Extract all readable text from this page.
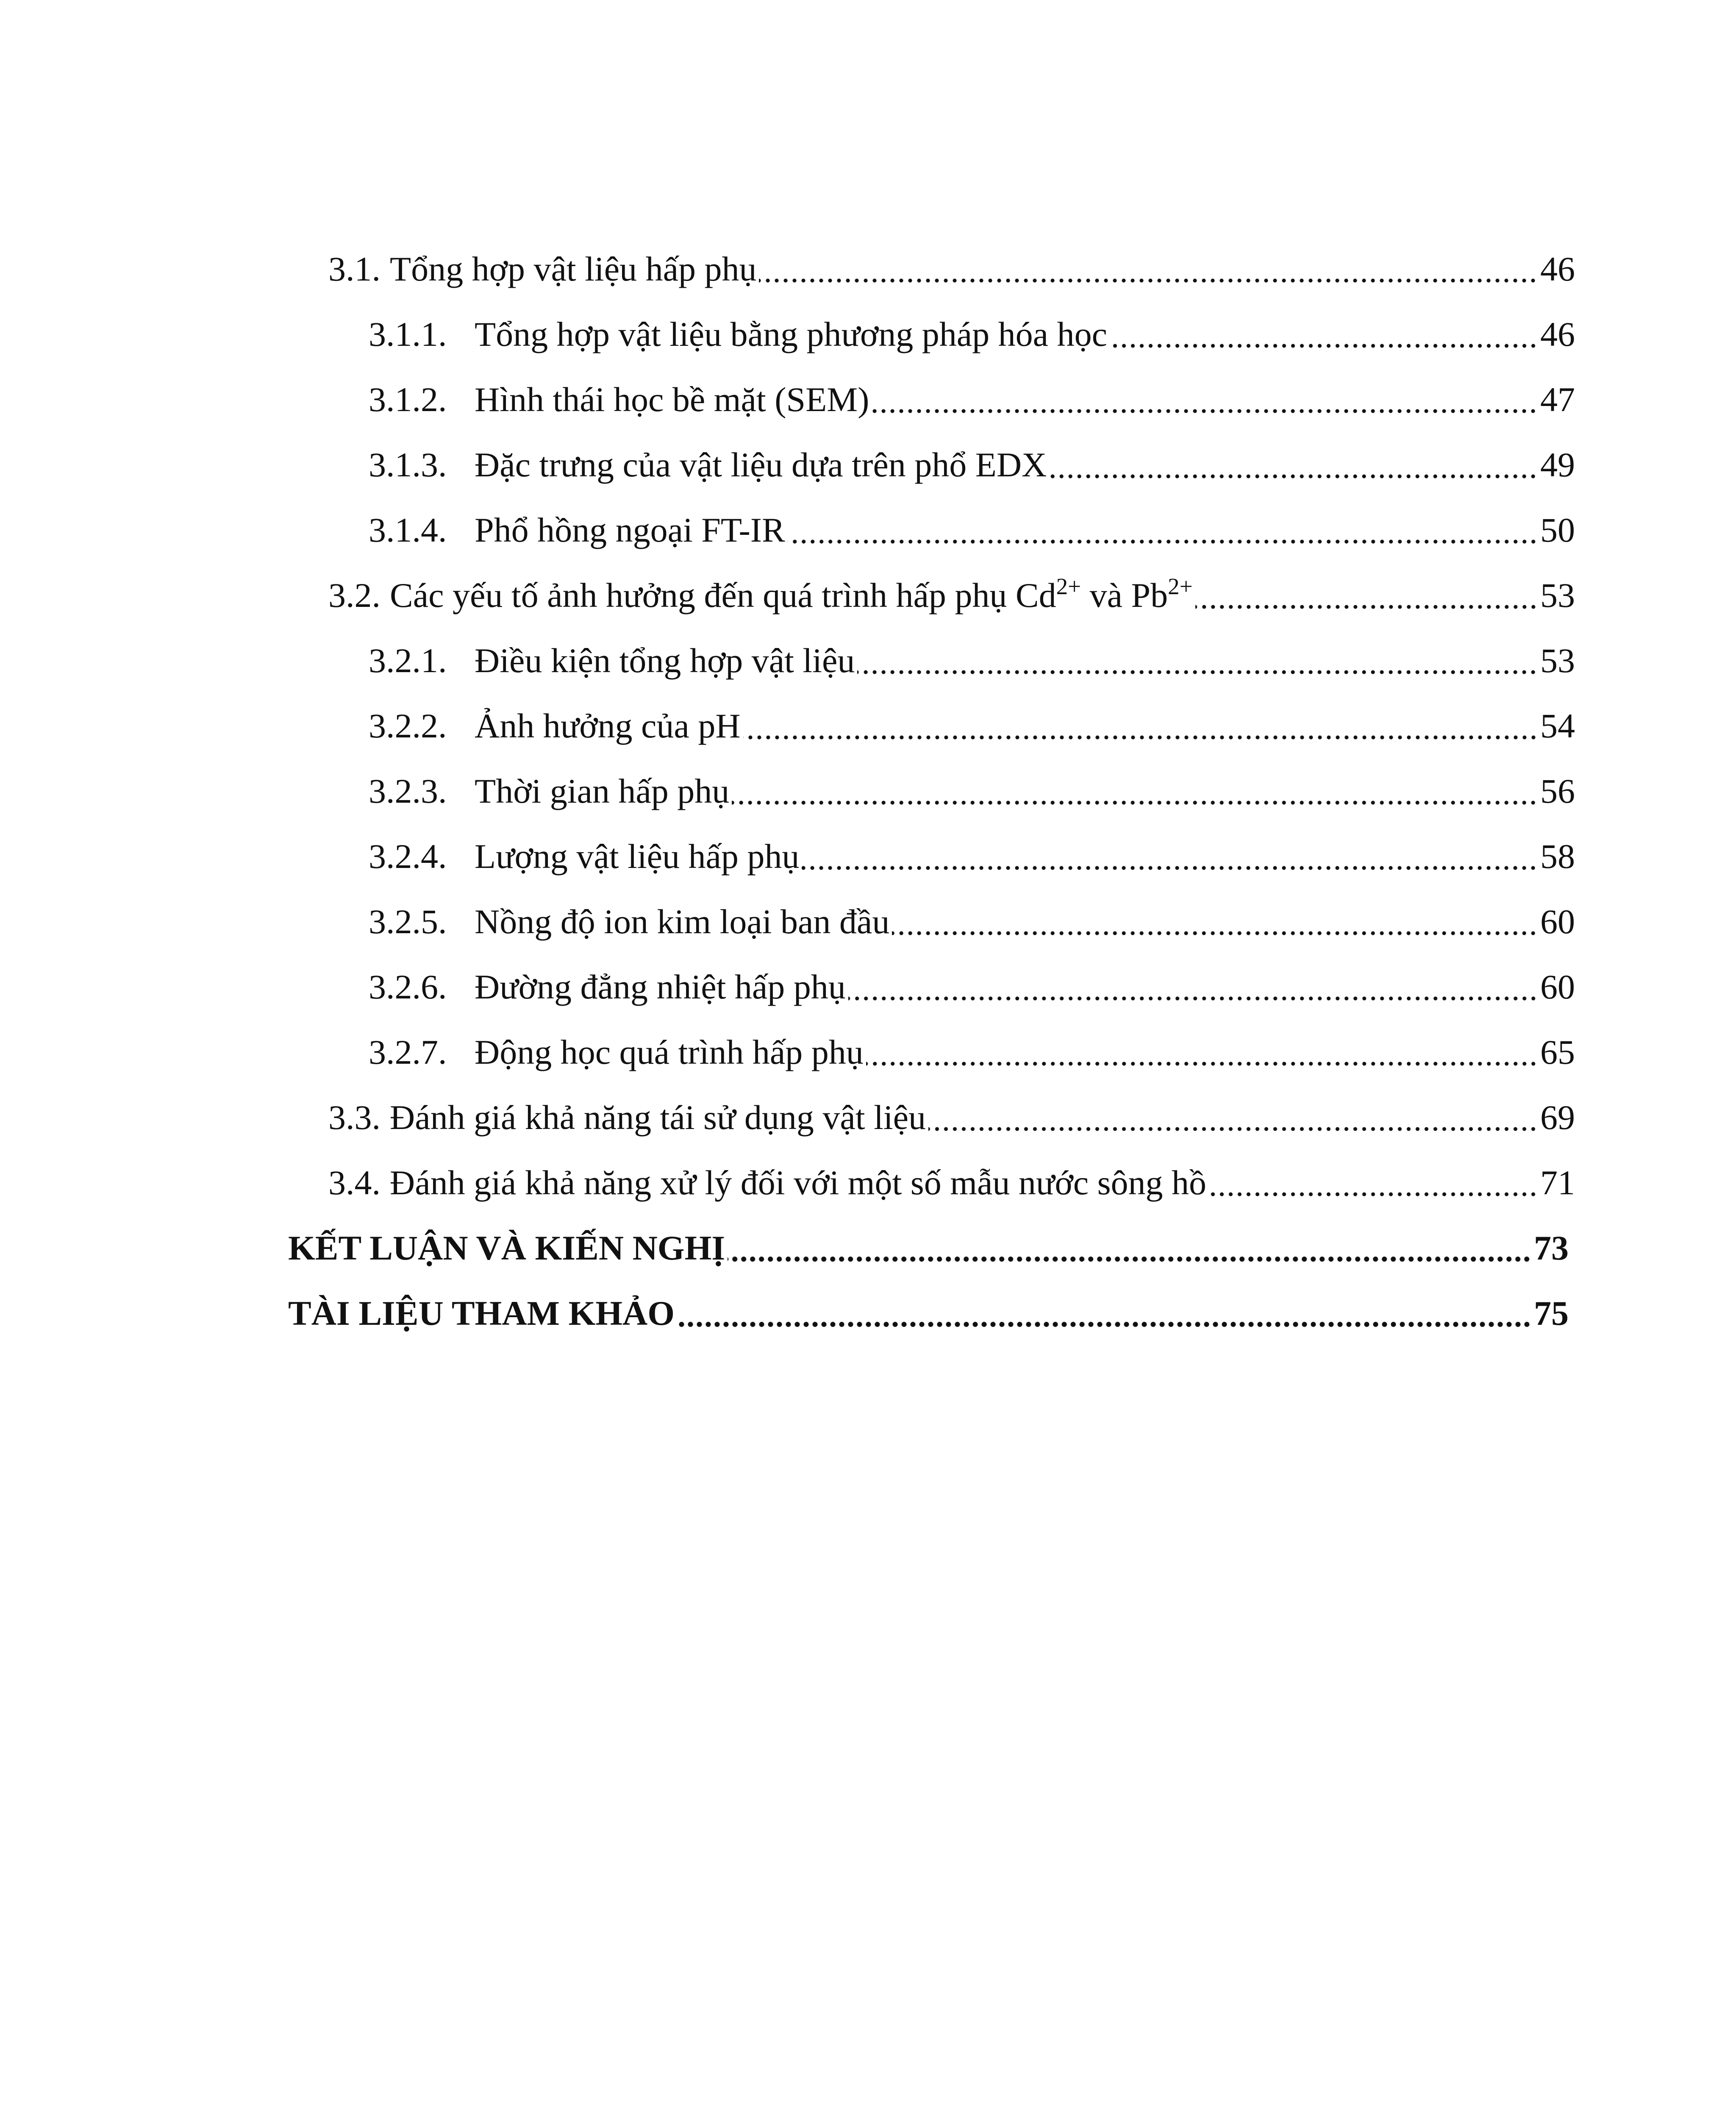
3.1. Tổng hợp vật liệu hấp phụ	46
3.1.1. Tổng hợp vật liệu bằng phương pháp hóa học	46
3.1.2. Hình thái học bề mặt (SEM)	47
3.1.3. Đặc trưng của vật liệu dựa trên phổ EDX	49
3.1.4. Phổ hồng ngoại FT-IR	50
3.2. Các yếu tố ảnh hưởng đến quá trình hấp phụ $Cd^{2+}$ và $Pb^{2+}$	53
3.2.1. Điều kiện tổng hợp vật liệu	53
3.2.2. Ảnh hưởng của pH	54
3.2.3. Thời gian hấp phụ	56
3.2.4. Lượng vật liệu hấp phụ	58
3.2.5. Nồng độ ion kim loại ban đầu	60
3.2.6. Đường đẳng nhiệt hấp phụ	60
3.2.7. Động học quá trình hấp phụ	65
3.3. Đánh giá khả năng tái sử dụng vật liệu	69
3.4. Đánh giá khả năng xử lý đối với một số mẫu nước sông hồ	71
KẾT LUẬN VÀ KIẾN NGHỊ	73
TÀI LIỆU THAM KHẢO	75
